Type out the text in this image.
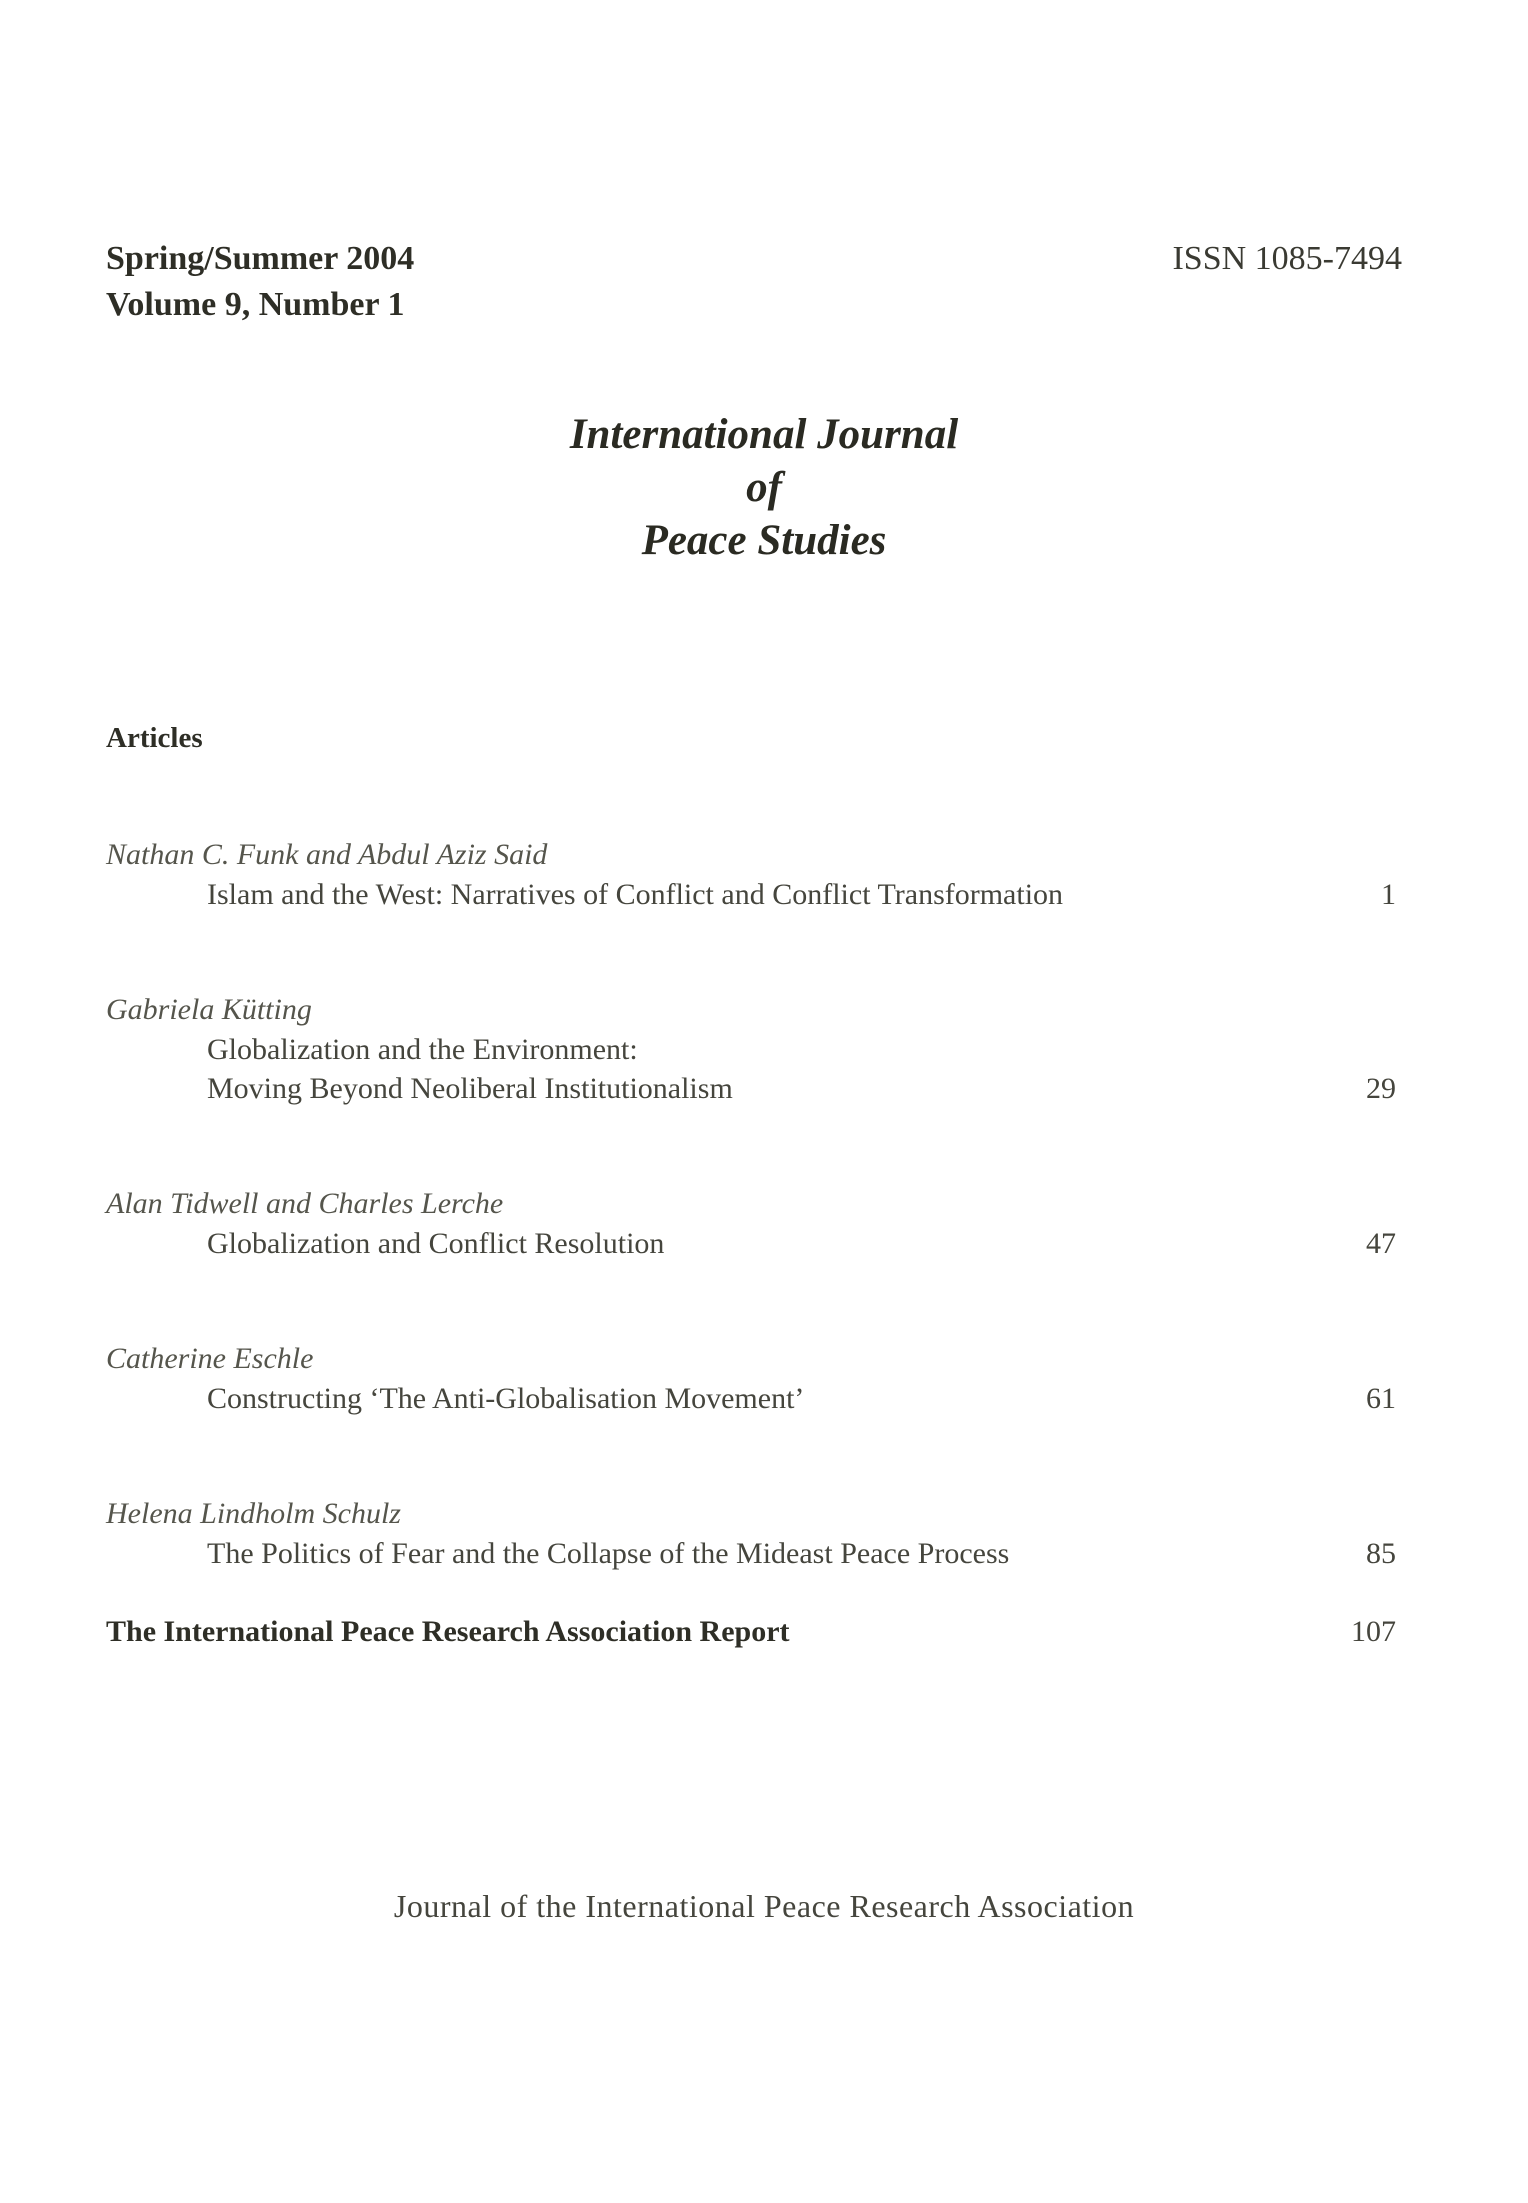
Spring/Summer 2004
Volume 9, Number 1
ISSN 1085-7494
International Journal
of
Peace Studies
Articles
Nathan C. Funk and Abdul Aziz Said
Islam and the West: Narratives of Conflict and Conflict Transformation	1
Gabriela Kütting
Globalization and the Environment:
Moving Beyond Neoliberal Institutionalism	29
Alan Tidwell and Charles Lerche
Globalization and Conflict Resolution	47
Catherine Eschle
Constructing ‘The Anti-Globalisation Movement’	61
Helena Lindholm Schulz
The Politics of Fear and the Collapse of the Mideast Peace Process	85
The International Peace Research Association Report	107
Journal of the International Peace Research Association
